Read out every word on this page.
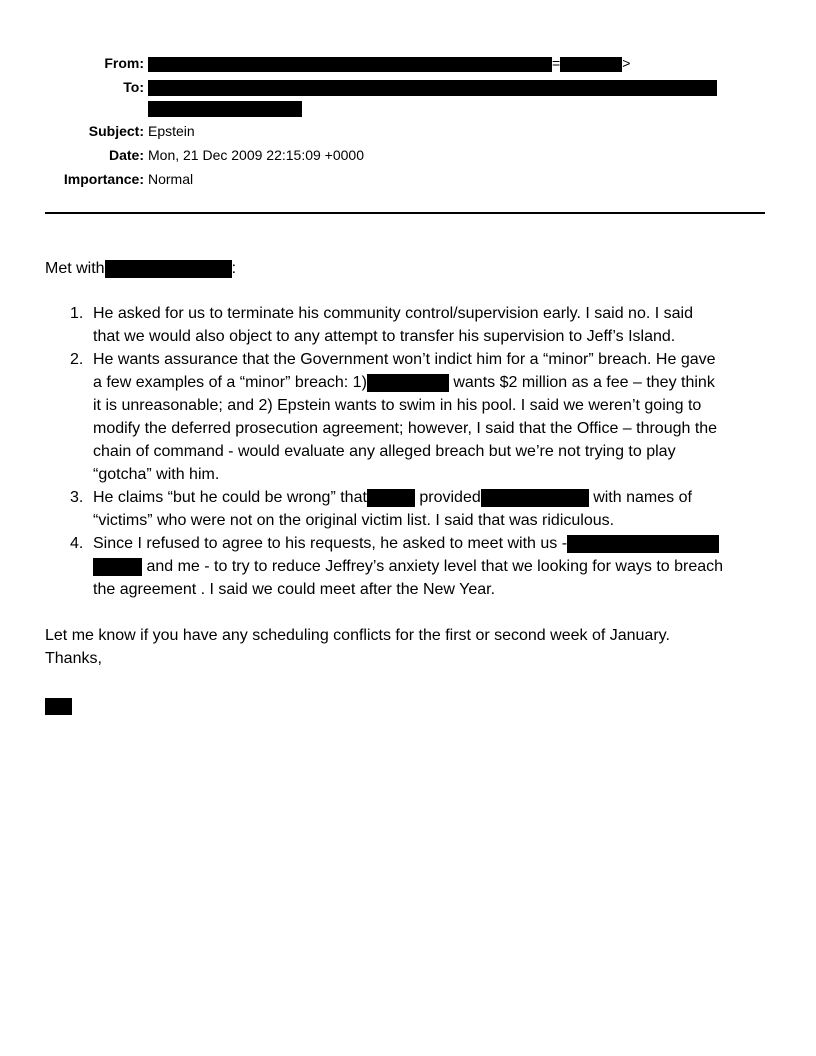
From:	=	>
To:
Subject: Epstein
Date: Mon, 21 Dec 2009 22:15:09 +0000
Importance: Normal
Met with	:
1. He asked for us to terminate his community control/supervision early. I said no. I said
that we would also object to any attempt to transfer his supervision to Jeff’s Island.
2. He wants assurance that the Government won’t indict him for a “minor” breach. He gave
a few examples of a “minor” breach: 1)	wants $2 million as a fee – they think
it is unreasonable; and 2) Epstein wants to swim in his pool. I said we weren’t going to
modify the deferred prosecution agreement; however, I said that the Office – through the
chain of command - would evaluate any alleged breach but we’re not trying to play
“gotcha” with him.
3. He claims “but he could be wrong” that	provided	with names of
“victims” who were not on the original victim list. I said that was ridiculous.
4. Since I refused to agree to his requests, he asked to meet with us -
and me - to try to reduce Jeffrey’s anxiety level that we looking for ways to breach
the agreement . I said we could meet after the New Year.
Let me know if you have any scheduling conflicts for the first or second week of January.
Thanks,
